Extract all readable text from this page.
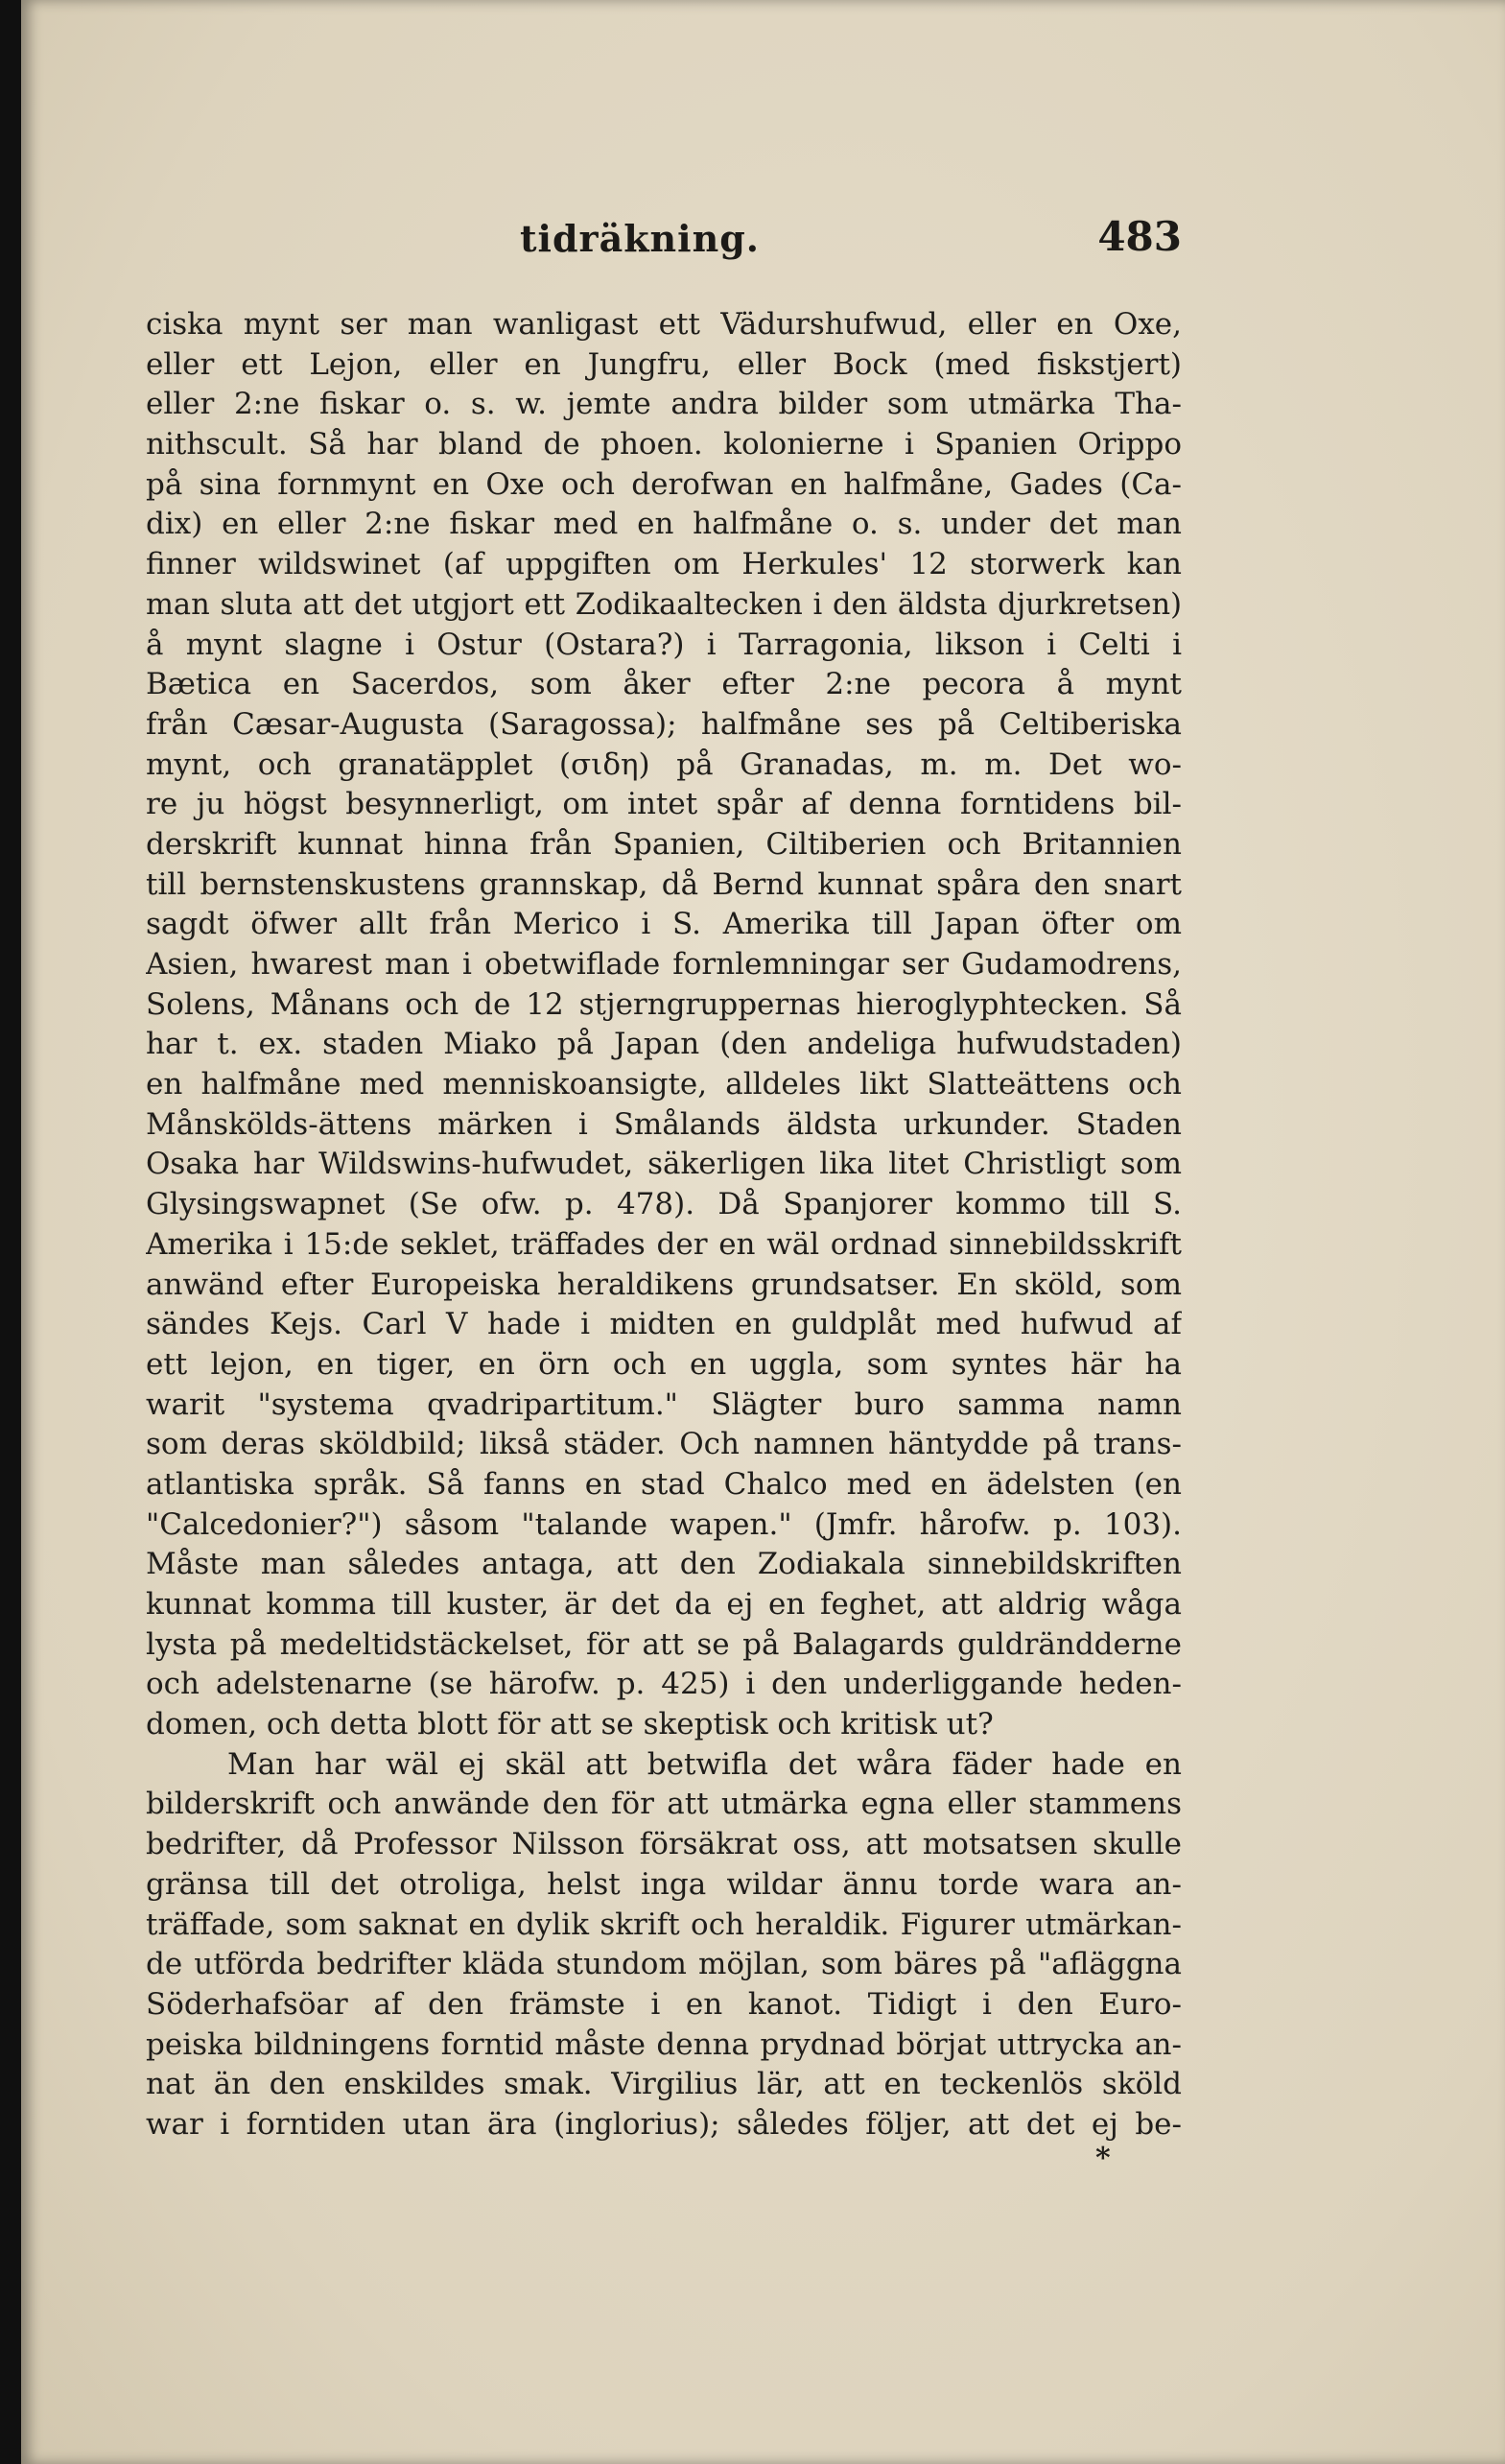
tidräkning.	483
ciska mynt ser man wanligast ett Vädurshufwud, eller en Oxe,
eller ett Lejon, eller en Jungfru, eller Bock (med fiskstjert)
eller 2:ne fiskar o. s. w. jemte andra bilder som utmärka Tha-
nithscult. Så har bland de phoen. kolonierne i Spanien Orippo
på sina fornmynt en Oxe och derofwan en halfmåne, Gades (Ca-
dix) en eller 2:ne fiskar med en halfmåne o. s. under det man
finner wildswinet (af uppgiften om Herkules' 12 storwerk kan
man sluta att det utgjort ett Zodikaaltecken i den äldsta djurkretsen)
å mynt slagne i Ostur (Ostara?) i Tarragonia, likson i Celti i
Bætica en Sacerdos, som åker efter 2:ne pecora å mynt
från Cæsar-Augusta (Saragossa); halfmåne ses på Celtiberiska
mynt, och granatäpplet (σιδη) på Granadas, m. m. Det wo-
re ju högst besynnerligt, om intet spår af denna forntidens bil-
derskrift kunnat hinna från Spanien, Ciltiberien och Britannien
till bernstenskustens grannskap, då Bernd kunnat spåra den snart
sagdt öfwer allt från Merico i S. Amerika till Japan öfter om
Asien, hwarest man i obetwiflade fornlemningar ser Gudamodrens,
Solens, Månans och de 12 stjerngruppernas hieroglyphtecken. Så
har t. ex. staden Miako på Japan (den andeliga hufwudstaden)
en halfmåne med menniskoansigte, alldeles likt Slatteättens och
Månskölds-ättens märken i Smålands äldsta urkunder. Staden
Osaka har Wildswins-hufwudet, säkerligen lika litet Christligt som
Glysingswapnet (Se ofw. p. 478). Då Spanjorer kommo till S.
Amerika i 15:de seklet, träffades der en wäl ordnad sinnebildsskrift
anwänd efter Europeiska heraldikens grundsatser. En sköld, som
sändes Kejs. Carl V hade i midten en guldplåt med hufwud af
ett lejon, en tiger, en örn och en uggla, som syntes här ha
warit "systema qvadripartitum." Slägter buro samma namn
som deras sköldbild; likså städer. Och namnen häntydde på trans-
atlantiska språk. Så fanns en stad Chalco med en ädelsten (en
"Calcedonier?") såsom "talande wapen." (Jmfr. hårofw. p. 103).
Måste man således antaga, att den Zodiakala sinnebildskriften
kunnat komma till kuster, är det da ej en feghet, att aldrig wåga
lysta på medeltidstäckelset, för att se på Balagards guldrändderne
och adelstenarne (se härofw. p. 425) i den underliggande heden-
domen, och detta blott för att se skeptisk och kritisk ut?
Man har wäl ej skäl att betwifla det wåra fäder hade en
bilderskrift och anwände den för att utmärka egna eller stammens
bedrifter, då Professor Nilsson försäkrat oss, att motsatsen skulle
gränsa till det otroliga, helst inga wildar ännu torde wara an-
träffade, som saknat en dylik skrift och heraldik. Figurer utmärkan-
de utförda bedrifter kläda stundom möjlan, som bäres på "afläggna
Söderhafsöar af den främste i en kanot. Tidigt i den Euro-
peiska bildningens forntid måste denna prydnad börjat uttrycka an-
nat än den enskildes smak. Virgilius lär, att en teckenlös sköld
war i forntiden utan ära (inglorius); således följer, att det ej be-
*
